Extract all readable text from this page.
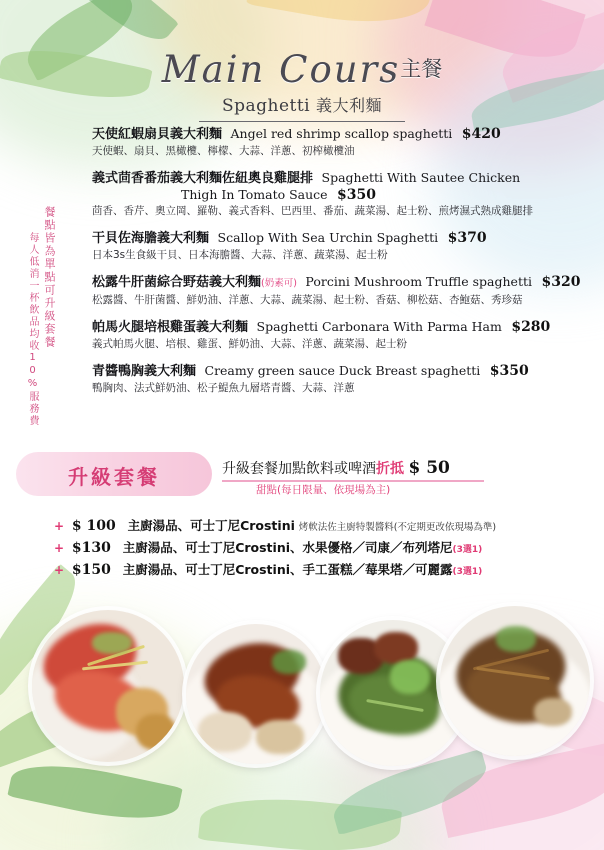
Main Cours主餐
Spaghetti 義大利麵
餐點皆為單點可升級套餐
每人低消一杯飲品均收10%服務費
天使紅蝦扇貝義大利麵 Angel red shrimp scallop spaghetti $420
天使蝦、扇貝、黑橄欖、檸檬、大蒜、洋蔥、初榨橄欖油
義式茴香番茄義大利麵佐紐奧良雞腿排 Spaghetti With Sautee Chicken
Thigh In Tomato Sauce $350
茴香、香芹、奧立岡、羅勒、義式香料、巴西里、番茄、蔬菜湯、起士粉、煎烤濕式熟成雞腿排
干貝佐海膽義大利麵 Scallop With Sea Urchin Spaghetti $370
日本3s生食級干貝、日本海膽醬、大蒜、洋蔥、蔬菜湯、起士粉
松露牛肝菌綜合野菇義大利麵(奶素可) Porcini Mushroom Truffle spaghetti $320
松露醬、牛肝菌醬、鮮奶油、洋蔥、大蒜、蔬菜湯、起士粉、香菇、柳松菇、杏鮑菇、秀珍菇
帕馬火腿培根雞蛋義大利麵 Spaghetti Carbonara With Parma Ham $280
義式帕馬火腿、培根、雞蛋、鮮奶油、大蒜、洋蔥、蔬菜湯、起士粉
青醬鴨胸義大利麵 Creamy green sauce Duck Breast spaghetti $350
鴨胸肉、法式鮮奶油、松子鯷魚九層塔青醬、大蒜、洋蔥
升級套餐	升級套餐加點飲料或啤酒折抵 $ 50
甜點(每日限量、依現場為主)
+ $ 100 主廚湯品、可士丁尼Crostini 烤軟法佐主廚特製醬料(不定期更改依現場為準)
+ $130 主廚湯品、可士丁尼Crostini、水果優格／司康／布列塔尼(3選1)
+ $150 主廚湯品、可士丁尼Crostini、手工蛋糕／莓果塔／可麗露(3選1)
